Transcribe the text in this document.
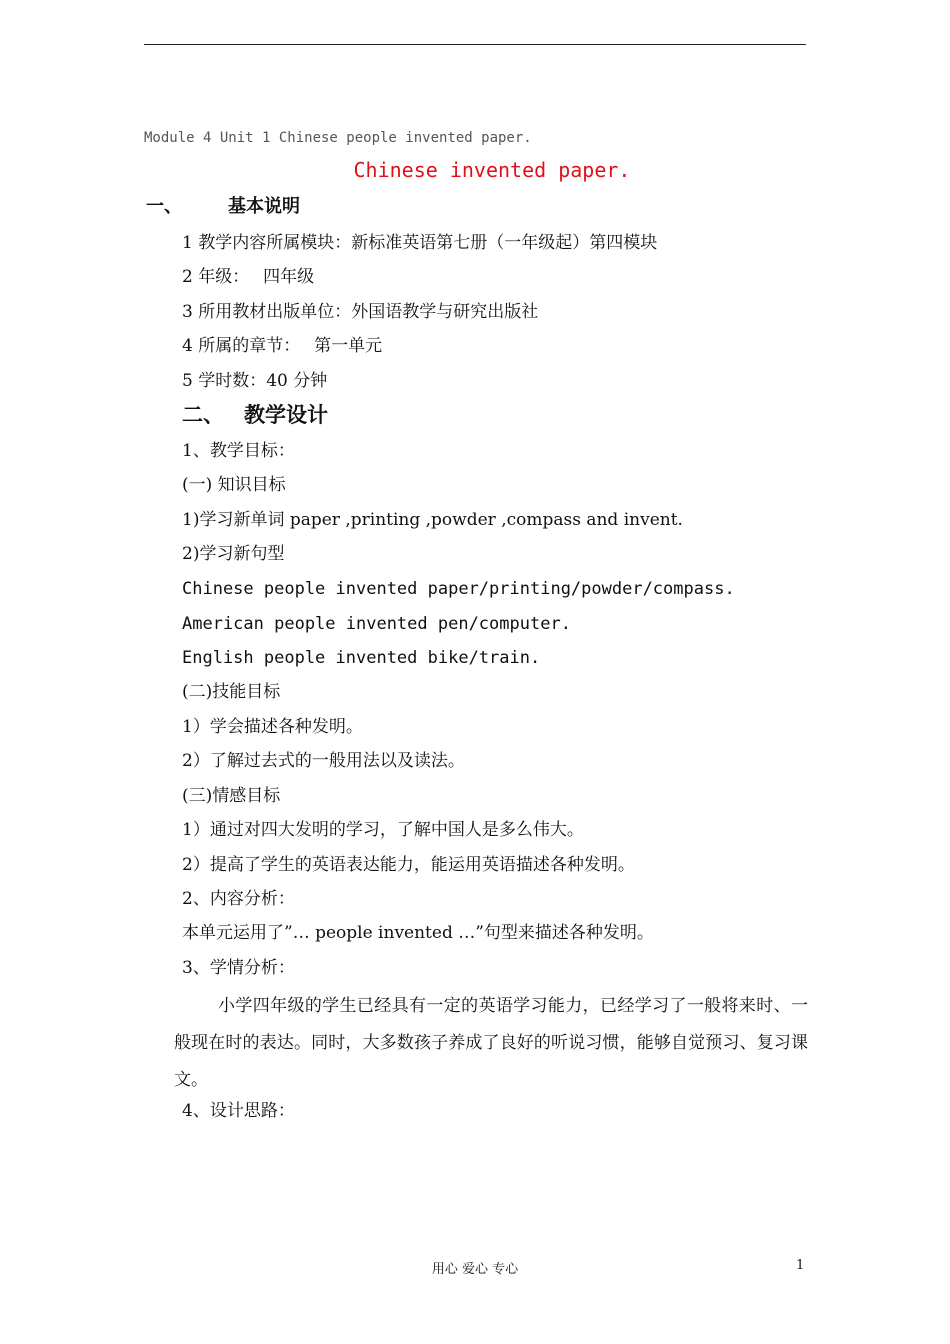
Module 4 Unit 1 Chinese people invented paper.
Chinese invented paper.
一、	基本说明
1 教学内容所属模块：新标准英语第七册（一年级起）第四模块
2 年级：　 四年级
3 所用教材出版单位：外国语教学与研究出版社
4 所属的章节：　 第一单元
5 学时数：40 分钟
二、 教学设计
1、教学目标：
(一) 知识目标
1)学习新单词 paper ,printing ,powder ,compass and invent.
2)学习新句型
Chinese people invented paper/printing/powder/compass.
American people invented pen/computer.
English people invented bike/train.
(二)技能目标
1）学会描述各种发明。
2）了解过去式的一般用法以及读法。
(三)情感目标
1）通过对四大发明的学习，了解中国人是多么伟大。
2）提高了学生的英语表达能力，能运用英语描述各种发明。
2、内容分析：
本单元运用了”… people invented …”句型来描述各种发明。
3、学情分析：
小学四年级的学生已经具有一定的英语学习能力，已经学习了一般将来时、一般现在时的表达。同时，大多数孩子养成了良好的听说习惯，能够自觉预习、复习课文。
4、设计思路：
用心 爱心 专心	1
